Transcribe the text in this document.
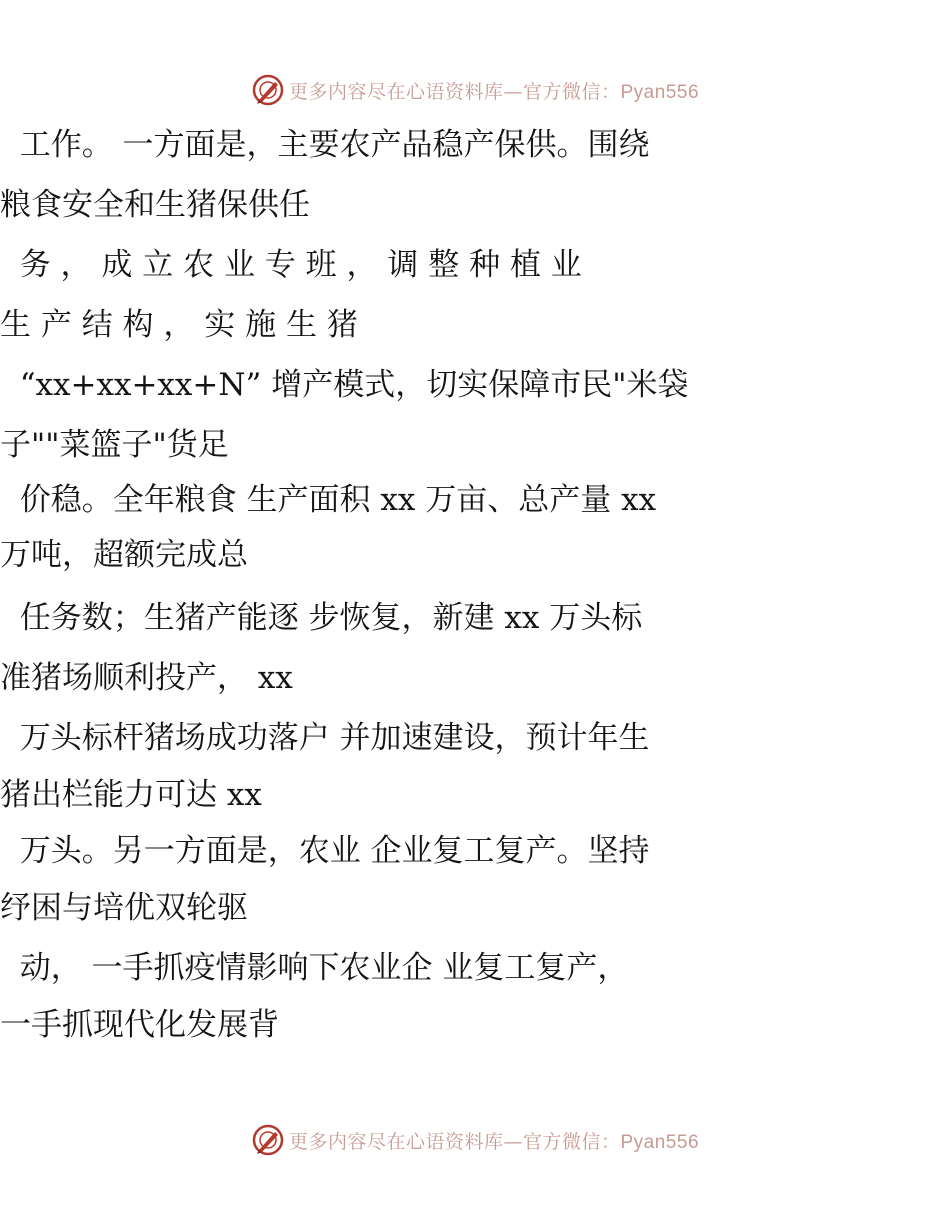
更多内容尽在心语资料库—官方微信：Pyan556
工作。 一方面是，主要农产品稳产保供。围绕
粮食安全和生猪保供任
务 ， 成 立 农 业 专 班 ， 调 整 种 植 业
生 产 结 构 ， 实 施 生 猪
“xx+xx+xx+N” 增产模式，切实保障市民"米袋
子""菜篮子"货足
价稳。全年粮食 生产面积 xx 万亩、总产量 xx
万吨，超额完成总
任务数；生猪产能逐 步恢复，新建 xx 万头标
准猪场顺利投产， xx
万头标杆猪场成功落户 并加速建设，预计年生
猪出栏能力可达 xx
万头。另一方面是，农业 企业复工复产。坚持
纾困与培优双轮驱
动， 一手抓疫情影响下农业企 业复工复产，
一手抓现代化发展背
更多内容尽在心语资料库—官方微信：Pyan556
